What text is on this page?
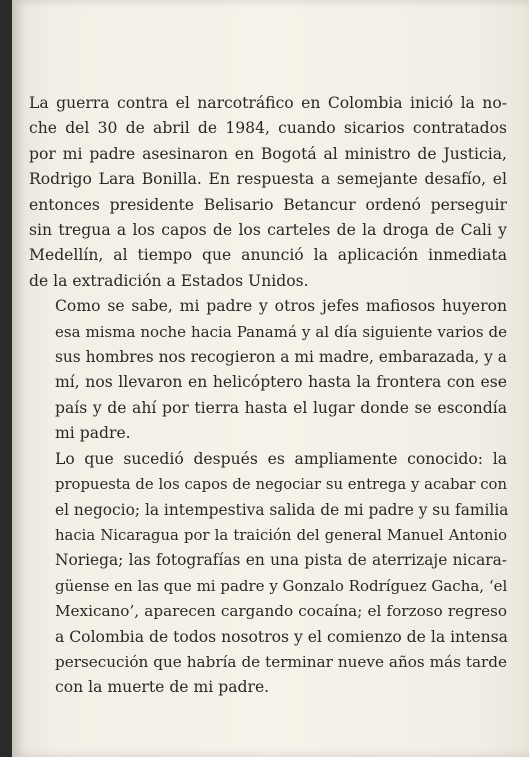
La guerra contra el narcotráfico en Colombia inició la no-
che del 30 de abril de 1984, cuando sicarios contratados
por mi padre asesinaron en Bogotá al ministro de Justicia,
Rodrigo Lara Bonilla. En respuesta a semejante desafío, el
entonces presidente Belisario Betancur ordenó perseguir
sin tregua a los capos de los carteles de la droga de Cali y
Medellín, al tiempo que anunció la aplicación inmediata
de la extradición a Estados Unidos.

Como se sabe, mi padre y otros jefes mafiosos huyeron
esa misma noche hacia Panamá y al día siguiente varios de
sus hombres nos recogieron a mi madre, embarazada, y a
mí, nos llevaron en helicóptero hasta la frontera con ese
país y de ahí por tierra hasta el lugar donde se escondía
mi padre.

Lo que sucedió después es ampliamente conocido: la
propuesta de los capos de negociar su entrega y acabar con
el negocio; la intempestiva salida de mi padre y su familia
hacia Nicaragua por la traición del general Manuel Antonio
Noriega; las fotografías en una pista de aterrizaje nicara-
güense en las que mi padre y Gonzalo Rodríguez Gacha, ‘el
Mexicano’, aparecen cargando cocaína; el forzoso regreso
a Colombia de todos nosotros y el comienzo de la intensa
persecución que habría de terminar nueve años más tarde
con la muerte de mi padre.
